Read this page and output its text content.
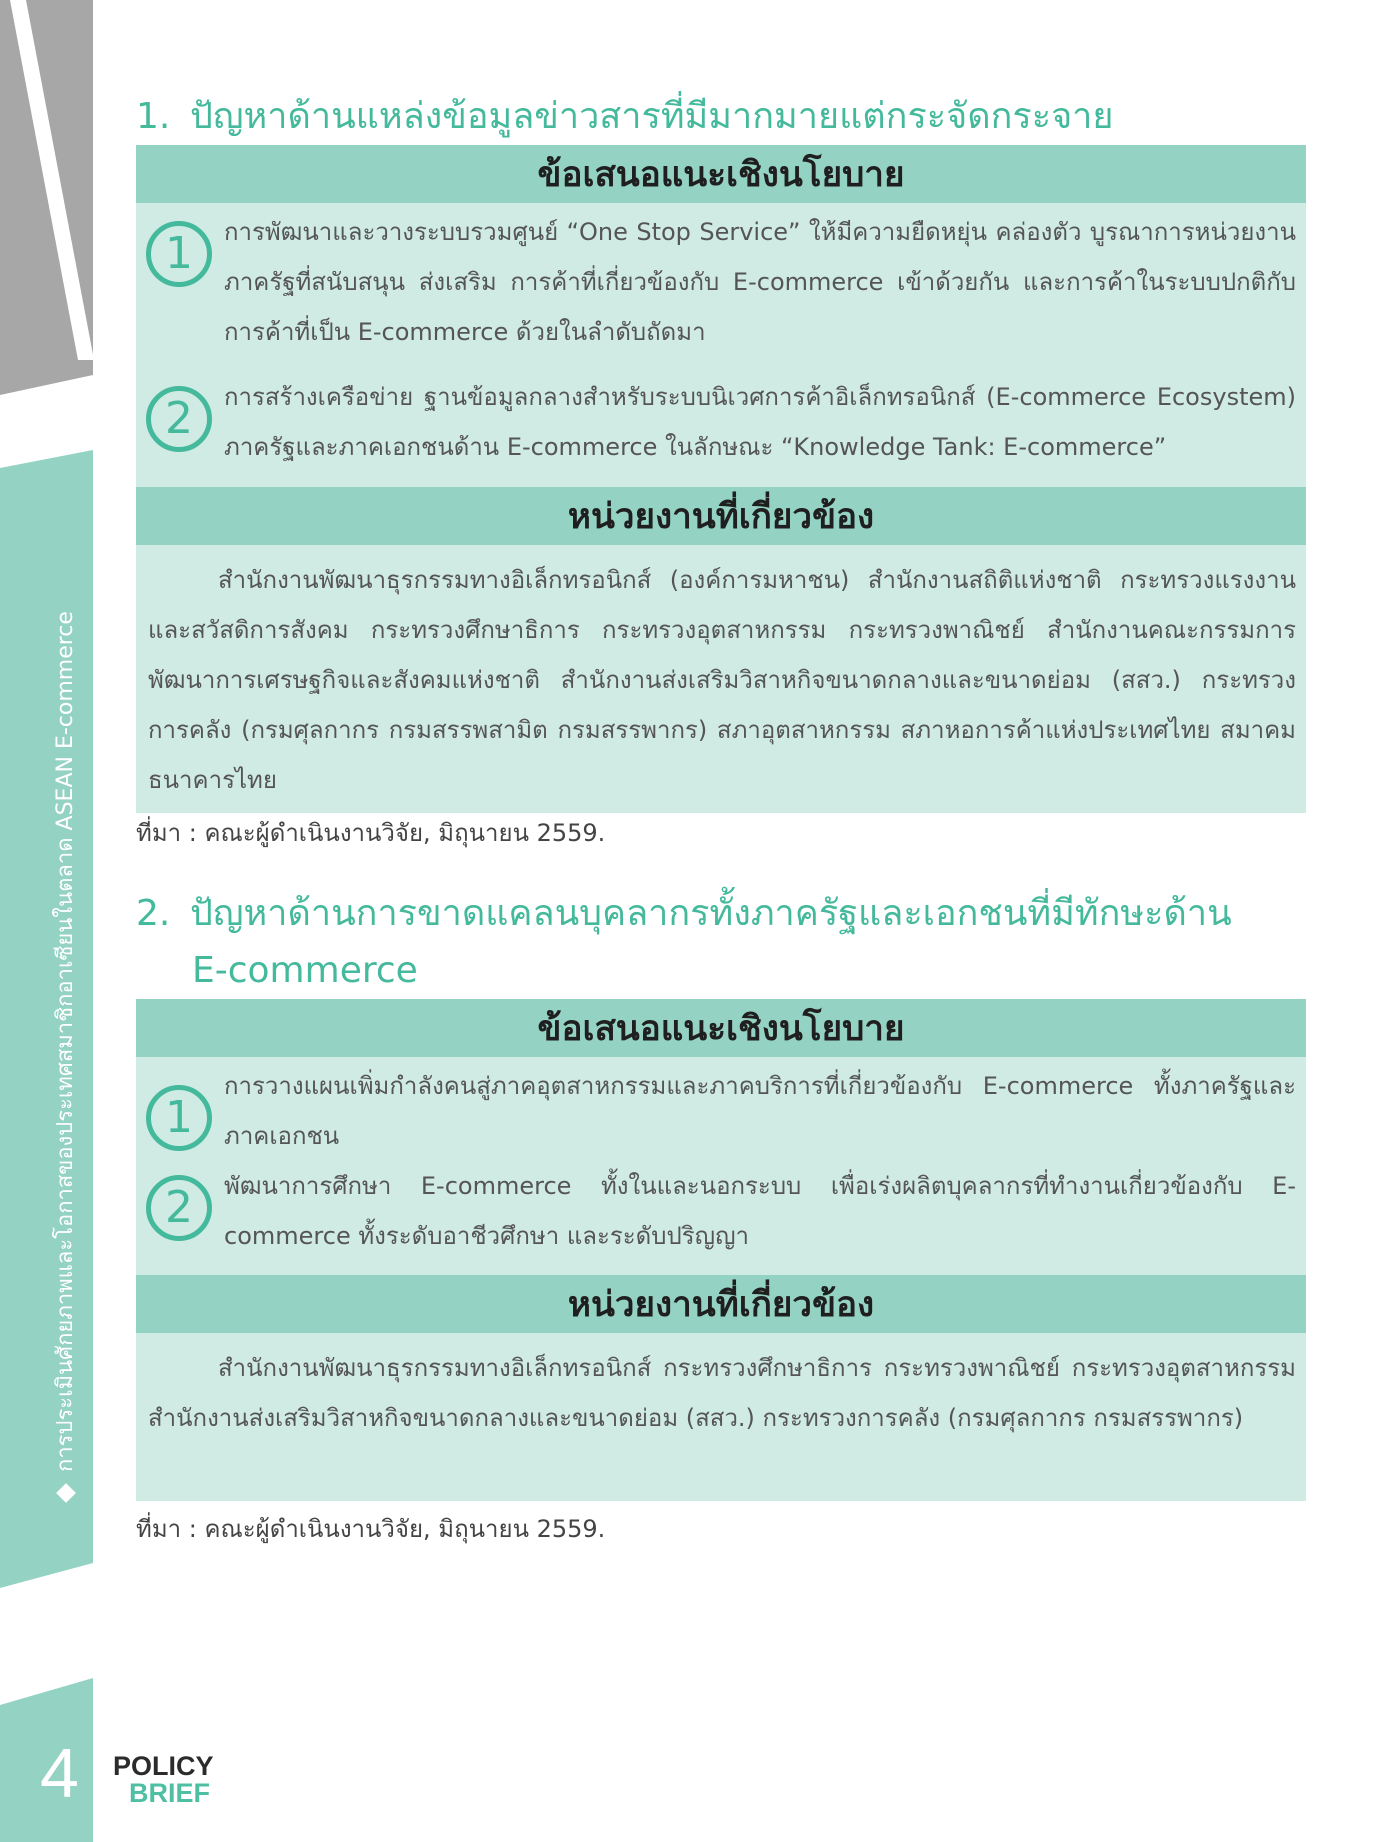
การประเมินศักยภาพและโอกาสของประเทศสมาชิกอาเซียนในตลาด ASEAN E-commerce
4 POLICY
BRIEF
1. ปัญหาด้านแหล่งข้อมูลข่าวสารที่มีมากมายแต่กระจัดกระจาย
ข้อเสนอแนะเชิงนโยบาย
1	การพัฒนาและวางระบบรวมศูนย์ “One Stop Service” ให้มีความยืดหยุ่น คล่องตัว บูรณาการหน่วยงานภาครัฐที่สนับสนุน ส่งเสริม การค้าที่เกี่ยวข้องกับ E-commerce เข้าด้วยกัน และการค้าในระบบปกติกับการค้าที่เป็น E-commerce ด้วยในลำดับถัดมา
2	การสร้างเครือข่าย ฐานข้อมูลกลางสำหรับระบบนิเวศการค้าอิเล็กทรอนิกส์ (E-commerce Ecosystem) ภาครัฐและภาคเอกชนด้าน E-commerce ในลักษณะ “Knowledge Tank: E-commerce”
หน่วยงานที่เกี่ยวข้อง
สำนักงานพัฒนาธุรกรรมทางอิเล็กทรอนิกส์ (องค์การมหาชน) สำนักงานสถิติแห่งชาติ กระทรวงแรงงานและสวัสดิการสังคม กระทรวงศึกษาธิการ กระทรวงอุตสาหกรรม กระทรวงพาณิชย์ สำนักงานคณะกรรมการพัฒนาการเศรษฐกิจและสังคมแห่งชาติ สำนักงานส่งเสริมวิสาหกิจขนาดกลางและขนาดย่อม (สสว.) กระทรวงการคลัง (กรมศุลกากร กรมสรรพสามิต กรมสรรพากร) สภาอุตสาหกรรม สภาหอการค้าแห่งประเทศไทย สมาคมธนาคารไทย
ที่มา : คณะผู้ดำเนินงานวิจัย, มิถุนายน 2559.
2. ปัญหาด้านการขาดแคลนบุคลากรทั้งภาครัฐและเอกชนที่มีทักษะด้าน
E-commerce
ข้อเสนอแนะเชิงนโยบาย
1
การวางแผนเพิ่มกำลังคนสู่ภาคอุตสาหกรรมและภาคบริการที่เกี่ยวข้องกับ E-commerce ทั้งภาครัฐและภาคเอกชน
2	พัฒนาการศึกษา E-commerce ทั้งในและนอกระบบ เพื่อเร่งผลิตบุคลากรที่ทำงานเกี่ยวข้องกับ E-commerce ทั้งระดับอาชีวศึกษา และระดับปริญญา
หน่วยงานที่เกี่ยวข้อง
สำนักงานพัฒนาธุรกรรมทางอิเล็กทรอนิกส์ กระทรวงศึกษาธิการ กระทรวงพาณิชย์ กระทรวงอุตสาหกรรม สำนักงานส่งเสริมวิสาหกิจขนาดกลางและขนาดย่อม (สสว.) กระทรวงการคลัง (กรมศุลกากร กรมสรรพากร)
ที่มา : คณะผู้ดำเนินงานวิจัย, มิถุนายน 2559.
